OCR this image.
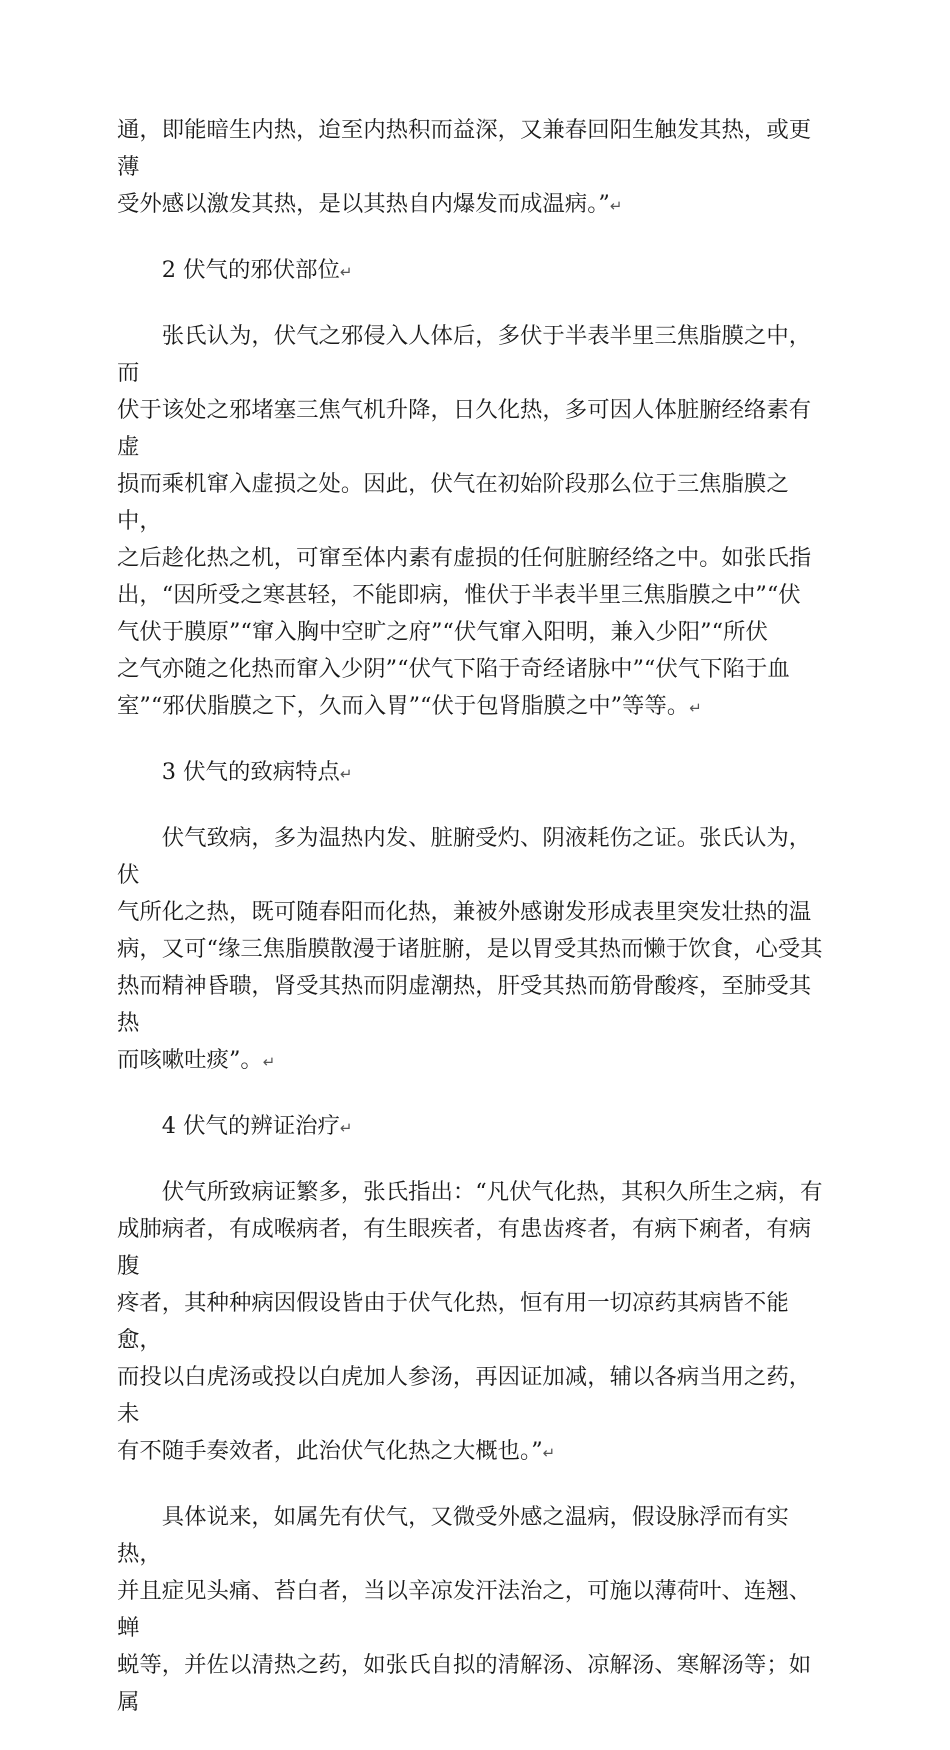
通，即能暗生内热，迨至内热积而益深，又兼春回阳生触发其热，或更薄
受外感以激发其热，是以其热自内爆发而成温病。”↵

2 伏气的邪伏部位↵

张氏认为，伏气之邪侵入人体后，多伏于半表半里三焦脂膜之中，而
伏于该处之邪堵塞三焦气机升降，日久化热，多可因人体脏腑经络素有虚
损而乘机窜入虚损之处。因此，伏气在初始阶段那么位于三焦脂膜之中，
之后趁化热之机，可窜至体内素有虚损的任何脏腑经络之中。如张氏指
出，“因所受之寒甚轻，不能即病，惟伏于半表半里三焦脂膜之中”“伏
气伏于膜原”“窜入胸中空旷之府”“伏气窜入阳明，兼入少阳”“所伏
之气亦随之化热而窜入少阴”“伏气下陷于奇经诸脉中”“伏气下陷于血
室”“邪伏脂膜之下，久而入胃”“伏于包肾脂膜之中”等等。↵

3 伏气的致病特点↵

伏气致病，多为温热内发、脏腑受灼、阴液耗伤之证。张氏认为，伏
气所化之热，既可随春阳而化热，兼被外感谢发形成表里突发壮热的温
病，又可“缘三焦脂膜散漫于诸脏腑，是以胃受其热而懒于饮食，心受其
热而精神昏聩，肾受其热而阴虚潮热，肝受其热而筋骨酸疼，至肺受其热
而咳嗽吐痰”。↵

4 伏气的辨证治疗↵

伏气所致病证繁多，张氏指出：“凡伏气化热，其积久所生之病，有
成肺病者，有成喉病者，有生眼疾者，有患齿疼者，有病下痢者，有病腹
疼者，其种种病因假设皆由于伏气化热，恒有用一切凉药其病皆不能愈，
而投以白虎汤或投以白虎加人参汤，再因证加减，辅以各病当用之药，未
有不随手奏效者，此治伏气化热之大概也。”↵

具体说来，如属先有伏气，又微受外感之温病，假设脉浮而有实热，
并且症见头痛、苔白者，当以辛凉发汗法治之，可施以薄荷叶、连翘、蝉
蜕等，并佐以清热之药，如张氏自拟的清解汤、凉解汤、寒解汤等；如属
